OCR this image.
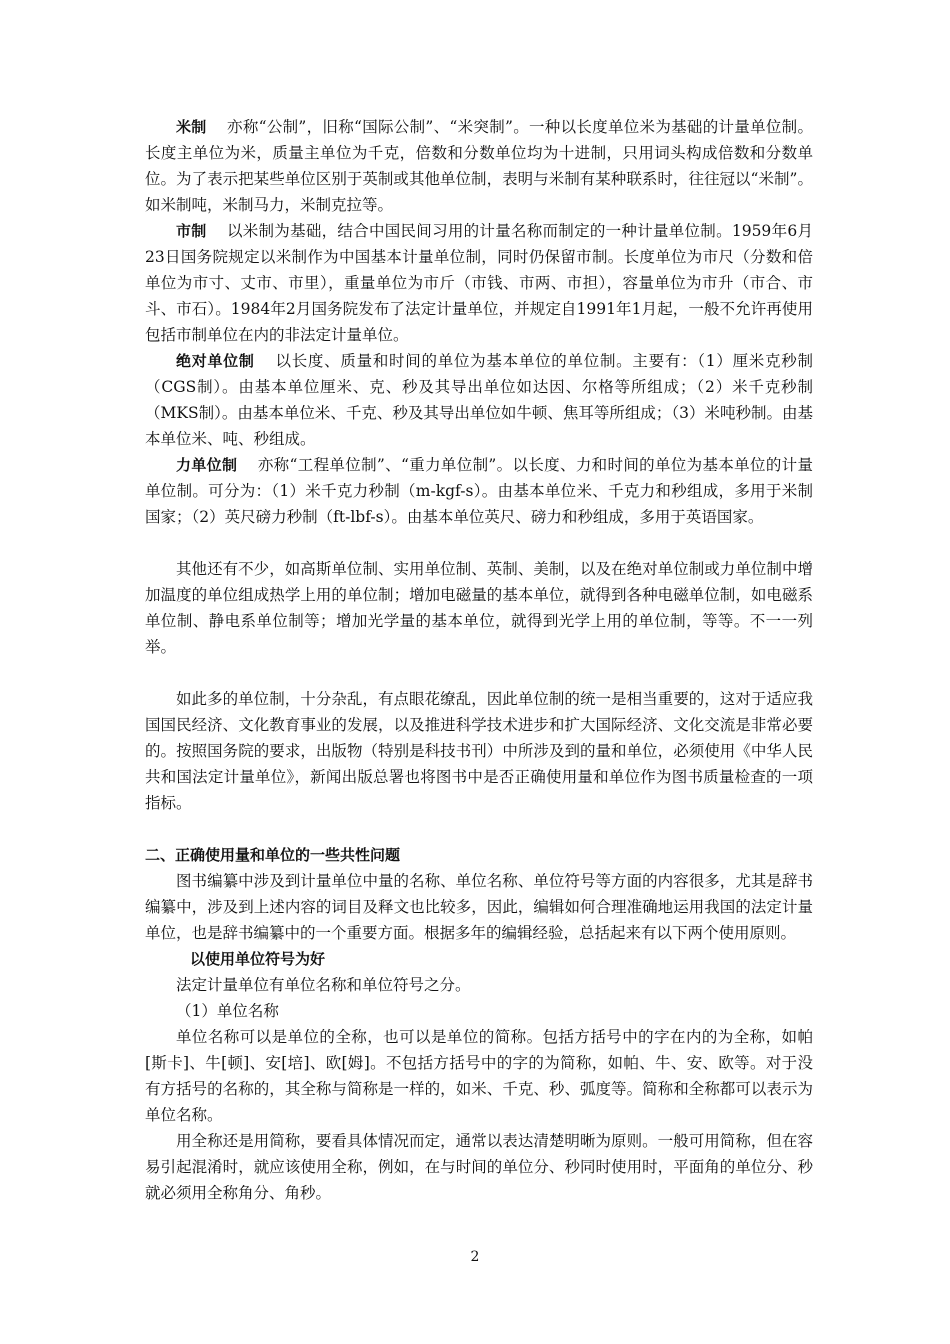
米制 亦称“公制”，旧称“国际公制”、“米突制”。一种以长度单位米为基础的计量单位制。长度主单位为米，质量主单位为千克，倍数和分数单位均为十进制，只用词头构成倍数和分数单位。为了表示把某些单位区别于英制或其他单位制，表明与米制有某种联系时，往往冠以“米制”。如米制吨，米制马力，米制克拉等。

市制 以米制为基础，结合中国民间习用的计量名称而制定的一种计量单位制。1959年6月23日国务院规定以米制作为中国基本计量单位制，同时仍保留市制。长度单位为市尺（分数和倍单位为市寸、丈市、市里），重量单位为市斤（市钱、市两、市担），容量单位为市升（市合、市斗、市石）。1984年2月国务院发布了法定计量单位，并规定自1991年1月起，一般不允许再使用包括市制单位在内的非法定计量单位。

绝对单位制 以长度、质量和时间的单位为基本单位的单位制。主要有：（1）厘米克秒制（CGS制）。由基本单位厘米、克、秒及其导出单位如达因、尔格等所组成；（2）米千克秒制（MKS制）。由基本单位米、千克、秒及其导出单位如牛顿、焦耳等所组成；（3）米吨秒制。由基本单位米、吨、秒组成。

力单位制 亦称“工程单位制”、“重力单位制”。以长度、力和时间的单位为基本单位的计量单位制。可分为：（1）米千克力秒制（m-kgf-s）。由基本单位米、千克力和秒组成，多用于米制国家；（2）英尺磅力秒制（ft-lbf-s）。由基本单位英尺、磅力和秒组成，多用于英语国家。

其他还有不少，如高斯单位制、实用单位制、英制、美制，以及在绝对单位制或力单位制中增加温度的单位组成热学上用的单位制；增加电磁量的基本单位，就得到各种电磁单位制，如电磁系单位制、静电系单位制等；增加光学量的基本单位，就得到光学上用的单位制，等等。不一一列举。

如此多的单位制，十分杂乱，有点眼花缭乱，因此单位制的统一是相当重要的，这对于适应我国国民经济、文化教育事业的发展，以及推进科学技术进步和扩大国际经济、文化交流是非常必要的。按照国务院的要求，出版物（特别是科技书刊）中所涉及到的量和单位，必须使用《中华人民共和国法定计量单位》，新闻出版总署也将图书中是否正确使用量和单位作为图书质量检查的一项指标。

二、正确使用量和单位的一些共性问题

图书编纂中涉及到计量单位中量的名称、单位名称、单位符号等方面的内容很多，尤其是辞书编纂中，涉及到上述内容的词目及释文也比较多，因此，编辑如何合理准确地运用我国的法定计量单位，也是辞书编纂中的一个重要方面。根据多年的编辑经验，总括起来有以下两个使用原则。

以使用单位符号为好

法定计量单位有单位名称和单位符号之分。

（1）单位名称

单位名称可以是单位的全称，也可以是单位的简称。包括方括号中的字在内的为全称，如帕[斯卡]、牛[顿]、安[培]、欧[姆]。不包括方括号中的字的为简称，如帕、牛、安、欧等。对于没有方括号的名称的，其全称与简称是一样的，如米、千克、秒、弧度等。简称和全称都可以表示为单位名称。

用全称还是用简称，要看具体情况而定，通常以表达清楚明晰为原则。一般可用简称，但在容易引起混淆时，就应该使用全称，例如，在与时间的单位分、秒同时使用时，平面角的单位分、秒就必须用全称角分、角秒。

2
